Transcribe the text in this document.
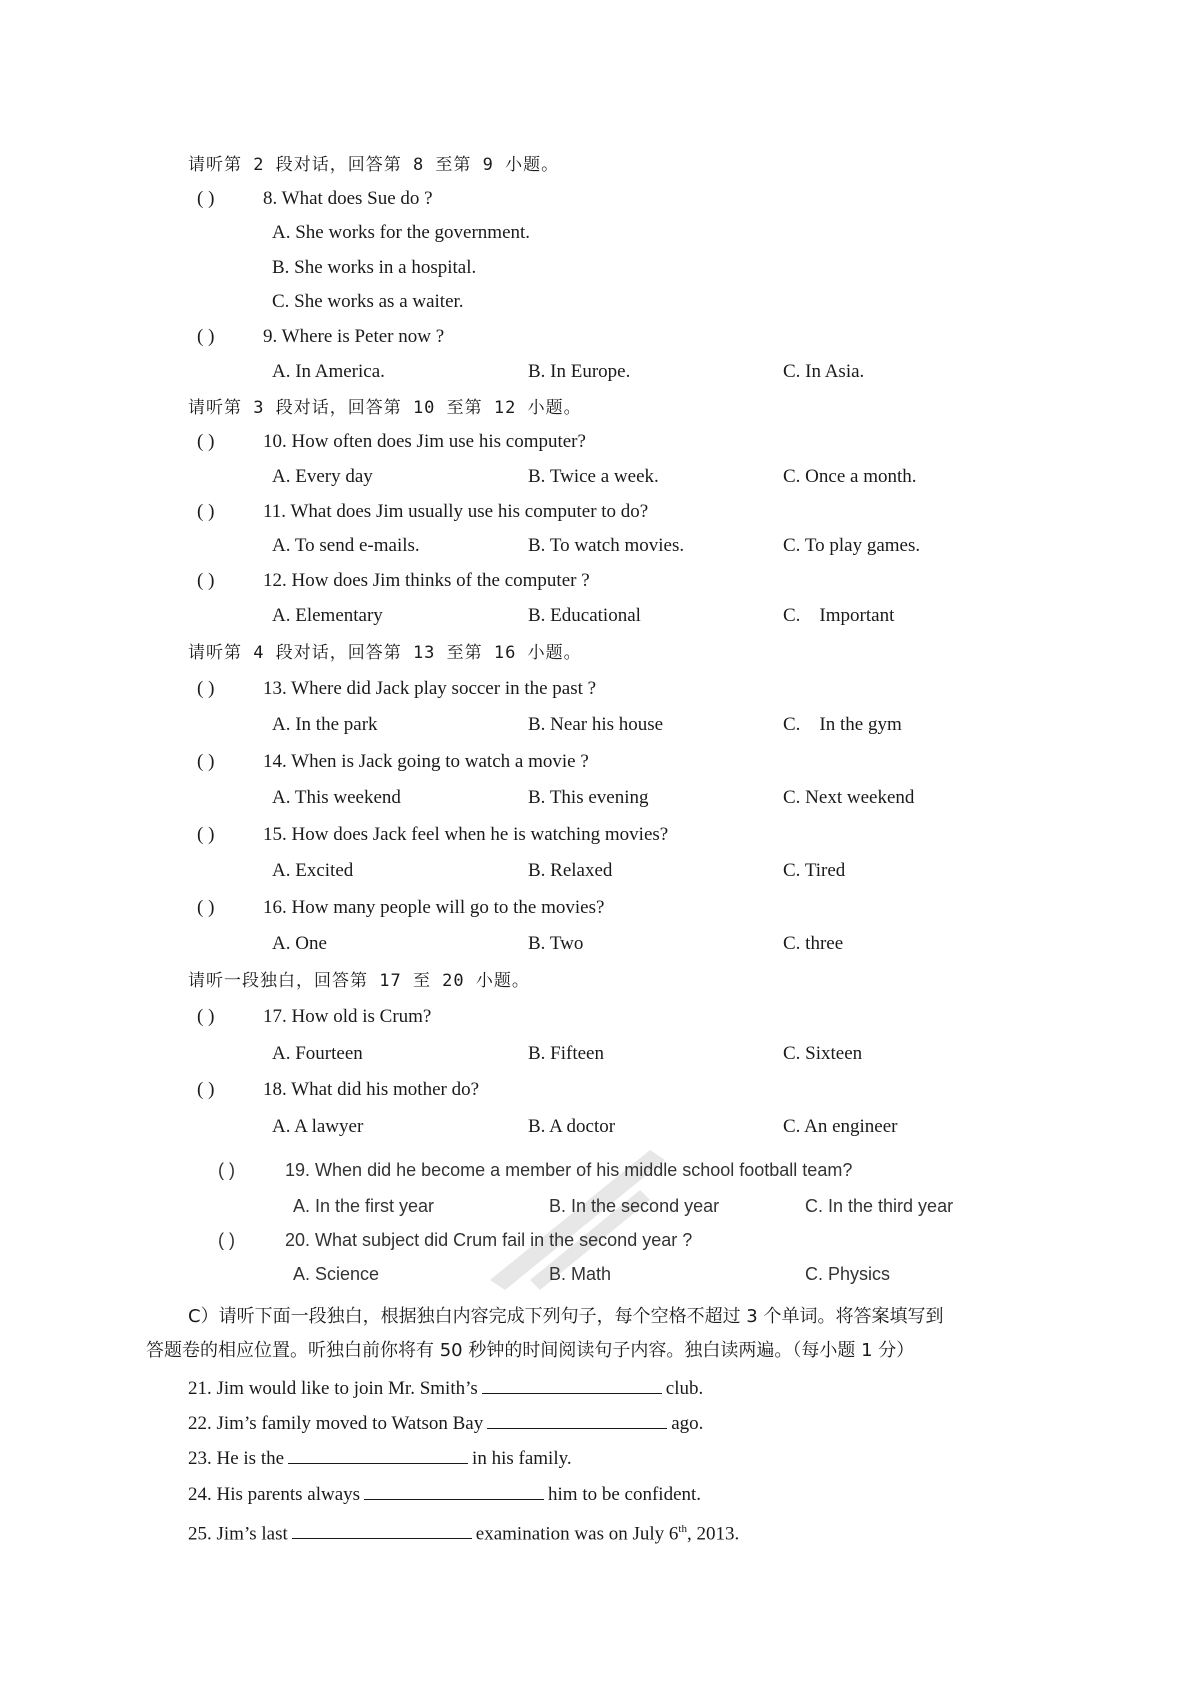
请听第 2 段对话，回答第 8 至第 9 小题。
( )	8. What does Sue do ?
A. She works for the government.
B. She works in a hospital.
C. She works as a waiter.
( )	9. Where is Peter now ?
A. In America.	B. In Europe.	C. In Asia.
请听第 3 段对话，回答第 10 至第 12 小题。
( )	10. How often does Jim use his computer?
A. Every day	B. Twice a week.	C. Once a month.
( )	11. What does Jim usually use his computer to do?
A. To send e-mails.	B. To watch movies.	C. To play games.
( )	12. How does Jim thinks of the computer ?
A. Elementary	B. Educational	C.    Important
请听第 4 段对话，回答第 13 至第 16 小题。
( )	13. Where did Jack play soccer in the past ?
A. In the park	B. Near his house	C.    In the gym
( )	14. When is Jack going to watch a movie ?
A. This weekend	B. This evening	C. Next weekend
( )	15. How does Jack feel when he is watching movies?
A. Excited	B. Relaxed	C. Tired
( )	16. How many people will go to the movies?
A. One	B. Two	C. three
请听一段独白，回答第 17 至 20 小题。
( )	17. How old is Crum?
A. Fourteen	B. Fifteen	C. Sixteen
( )	18. What did his mother do?
A. A lawyer	B. A doctor	C. An engineer
( )	19. When did he become a member of his middle school football team?
A. In the first year	B. In the second year	C. In the third year
( )	20. What subject did Crum fail in the second year ?
A. Science	B. Math	C. Physics
C）请听下面一段独白，根据独白内容完成下列句子，每个空格不超过 3 个单词。将答案填写到
答题卷的相应位置。听独白前你将有 50 秒钟的时间阅读句子内容。独白读两遍。（每小题 1 分）
21. Jim would like to join Mr. Smith’s	club.
22. Jim’s family moved to Watson Bay	ago.
23. He is the	in his family.
24. His parents always	him to be confident.
25. Jim’s last	examination was on July 6th, 2013.
